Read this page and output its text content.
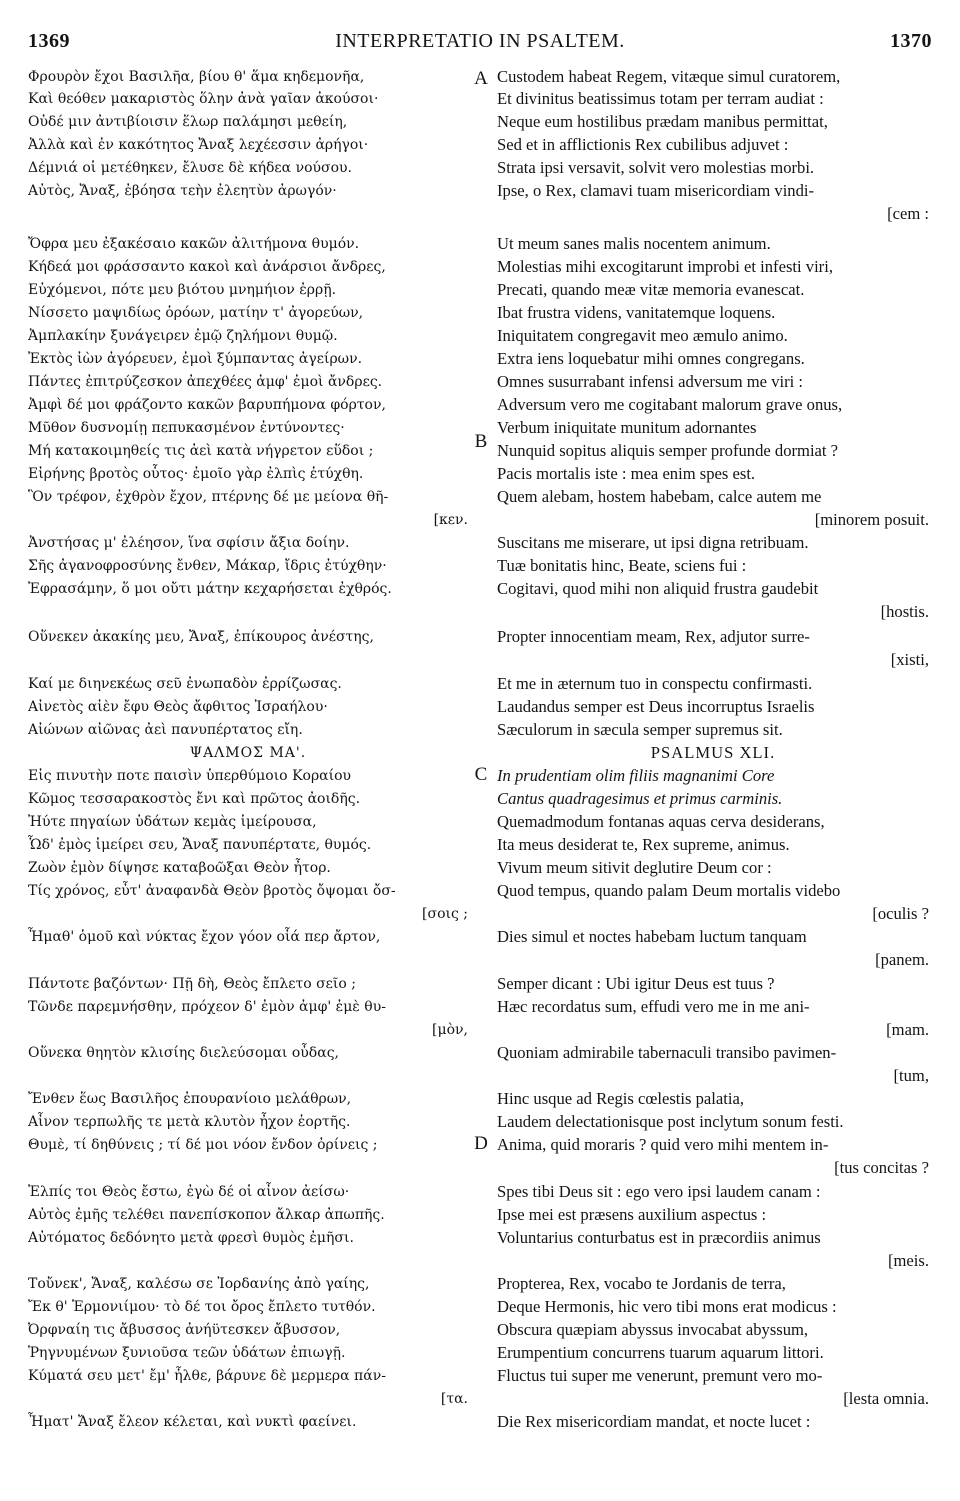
1369	INTERPRETATIO IN PSALTEM.	1370
Φρουρὸν ἔχοι Βασιλῆα, βίου θ' ἅμα κηδεμονῆα,
Καὶ θεόθεν μακαριστὸς ὅλην ἀνὰ γαῖαν ἀκούσοι·
Οὐδέ μιν ἀντιβίοισιν ἕλωρ παλάμησι μεθείη,
Ἀλλὰ καὶ ἐν κακότητος Ἄναξ λεχέεσσιν ἀρήγοι·
Δέμνιά οἱ μετέθηκεν, ἔλυσε δὲ κήδεα νούσου.
Αὐτὸς, Ἄναξ, ἐβόησα τεὴν ἐλεητὺν ἀρωγόν·
Ὄφρα μευ ἐξακέσαιο κακῶν ἀλιτήμονα θυμόν.
Κήδεά μοι φράσσαντο κακοὶ καὶ ἀνάρσιοι ἄνδρες,
Εὐχόμενοι, πότε μευ βιότου μνημήιον ἐρρῇ.
Νίσσετο μαψιδίως ὁρόων, ματίην τ' ἀγορεύων,
Ἀμπλακίην ξυνάγειρεν ἐμῷ ζηλήμονι θυμῷ.
Ἐκτὸς ἰὼν ἀγόρευεν, ἐμοὶ ξύμπαντας ἀγείρων.
Πάντες ἐπιτρύζεσκον ἀπεχθέες ἀμφ' ἐμοὶ ἄνδρες.
Ἀμφὶ δέ μοι φράζοντο κακῶν βαρυπήμονα φόρτον,
Μῦθον δυσνομίῃ πεπυκασμένον ἐντύνοντες·
Μή κατακοιμηθείς τις ἀεὶ κατὰ νήγρετον εὕδοι ;
Εἰρήνης βροτὸς οὗτος· ἐμοῖο γὰρ ἐλπὶς ἐτύχθη.
Ὃν τρέφον, ἐχθρὸν ἔχον, πτέρνης δέ με μείονα θῆ-
[κεν.
Ἀνστήσας μ' ἐλέησον, ἵνα σφίσιν ἄξια δοίην.
Σῆς ἀγανοφροσύνης ἔνθεν, Μάκαρ, ἴδρις ἐτύχθην·
Ἐφρασάμην, ὅ μοι οὔτι μάτην κεχαρήσεται ἐχθρός.
Οὕνεκεν ἀκακίης μευ, Ἄναξ, ἐπίκουρος ἀνέστης,
Καί με διηνεκέως σεῦ ἐνωπαδὸν ἐρρίζωσας.
Αἰνετὸς αἰὲν ἔφυ Θεὸς ἄφθιτος Ἰσραήλου·
Αἰώνων αἰῶνας ἀεὶ πανυπέρτατος εἴη.
ΨΑΛΜΟΣ ΜΑ'.
Εἰς πινυτὴν ποτε παισὶν ὑπερθύμοιο Κοραίου
Κῶμος τεσσαρακοστὸς ἔνι καὶ πρῶτος ἀοιδῆς.
Ἠύτε πηγαίων ὑδάτων κεμὰς ἱμείρουσα,
Ὧδ' ἐμὸς ἱμείρει σευ, Ἄναξ πανυπέρτατε, θυμός.
Ζωὸν ἐμὸν δίψησε καταβοῶξαι Θεὸν ἦτορ.
Τίς χρόνος, εὖτ' ἀναφανδὰ Θεὸν βροτὸς ὄψομαι ὄσ-
[σοις ;
Ἦμαθ' ὁμοῦ καὶ νύκτας ἔχον γόον οἷά περ ἄρτον,
Πάντοτε βαζόντων· Πῇ δὴ, Θεὸς ἔπλετο σεῖο ;
Τῶνδε παρεμνήσθην, πρόχεον δ' ἐμὸν ἀμφ' ἐμὲ θυ-
[μὸν,
Οὕνεκα θηητὸν κλισίης διελεύσομαι οὖδας,
Ἔνθεν ἕως Βασιλῆος ἐπουρανίοιο μελάθρων,
Αἶνον τερπωλῆς τε μετὰ κλυτὸν ἦχον ἑορτῆς.
Θυμὲ, τί δηθύνεις ; τί δέ μοι νόον ἔνδον ὀρίνεις ;
Ἐλπίς τοι Θεὸς ἔστω, ἐγὼ δέ οἱ αἶνον ἀείσω·
Αὐτὸς ἐμῆς τελέθει πανεπίσκοπον ἄλκαρ ἀπωπῆς.
Αὐτόματος δεδόνητο μετὰ φρεσὶ θυμὸς ἐμῆσι.
Τοὔνεκ', Ἄναξ, καλέσω σε Ἰορδανίης ἀπὸ γαίης,
Ἔκ θ' Ἑρμονιίμου· τὸ δέ τοι ὄρος ἔπλετο τυτθόν.
Ὀρφναίη τις ἄβυσσος ἀνήϋτεσκεν ἄβυσσον,
Ῥηγνυμένων ξυνιοῦσα τεῶν ὑδάτων ἐπιωγῇ.
Κύματά σευ μετ' ἔμ' ἦλθε, βάρυνε δὲ μερμερα πάν-
[τα.
Ἦματ' Ἄναξ ἔλεον κέλεται, καὶ νυκτὶ φαείνει.
A
B
C
D
Custodem habeat Regem, vitæque simul curatorem,
Et divinitus beatissimus totam per terram audiat :
Neque eum hostilibus prædam manibus permittat,
Sed et in afflictionis Rex cubilibus adjuvet :
Strata ipsi versavit, solvit vero molestias morbi.
Ipse, o Rex, clamavi tuam misericordiam vindi-
[cem :
Ut meum sanes malis nocentem animum.
Molestias mihi excogitarunt improbi et infesti viri,
Precati, quando meæ vitæ memoria evanescat.
Ibat frustra videns, vanitatemque loquens.
Iniquitatem congregavit meo æmulo animo.
Extra iens loquebatur mihi omnes congregans.
Omnes susurrabant infensi adversum me viri :
Adversum vero me cogitabant malorum grave onus,
Verbum iniquitate munitum adornantes
Nunquid sopitus aliquis semper profunde dormiat ?
Pacis mortalis iste : mea enim spes est.
Quem alebam, hostem habebam, calce autem me
[minorem posuit.
Suscitans me miserare, ut ipsi digna retribuam.
Tuæ bonitatis hinc, Beate, sciens fui :
Cogitavi, quod mihi non aliquid frustra gaudebit
[hostis.
Propter innocentiam meam, Rex, adjutor surre-
[xisti,
Et me in æternum tuo in conspectu confirmasti.
Laudandus semper est Deus incorruptus Israelis
Sæculorum in sæcula semper supremus sit.
PSALMUS XLI.
In prudentiam olim filiis magnanimi Core
Cantus quadragesimus et primus carminis.
Quemadmodum fontanas aquas cerva desiderans,
Ita meus desiderat te, Rex supreme, animus.
Vivum meum sitivit deglutire Deum cor :
Quod tempus, quando palam Deum mortalis videbo
[oculis ?
Dies simul et noctes habebam luctum tanquam
[panem.
Semper dicant : Ubi igitur Deus est tuus ?
Hæc recordatus sum, effudi vero me in me ani-
[mam.
Quoniam admirabile tabernaculi transibo pavimen-
[tum,
Hinc usque ad Regis cœlestis palatia,
Laudem delectationisque post inclytum sonum festi.
Anima, quid moraris ? quid vero mihi mentem in-
[tus concitas ?
Spes tibi Deus sit : ego vero ipsi laudem canam :
Ipse mei est præsens auxilium aspectus :
Voluntarius conturbatus est in præcordiis animus
[meis.
Propterea, Rex, vocabo te Jordanis de terra,
Deque Hermonis, hic vero tibi mons erat modicus :
Obscura quæpiam abyssus invocabat abyssum,
Erumpentium concurrens tuarum aquarum littori.
Fluctus tui super me venerunt, premunt vero mo-
[lesta omnia.
Die Rex misericordiam mandat, et nocte lucet :
